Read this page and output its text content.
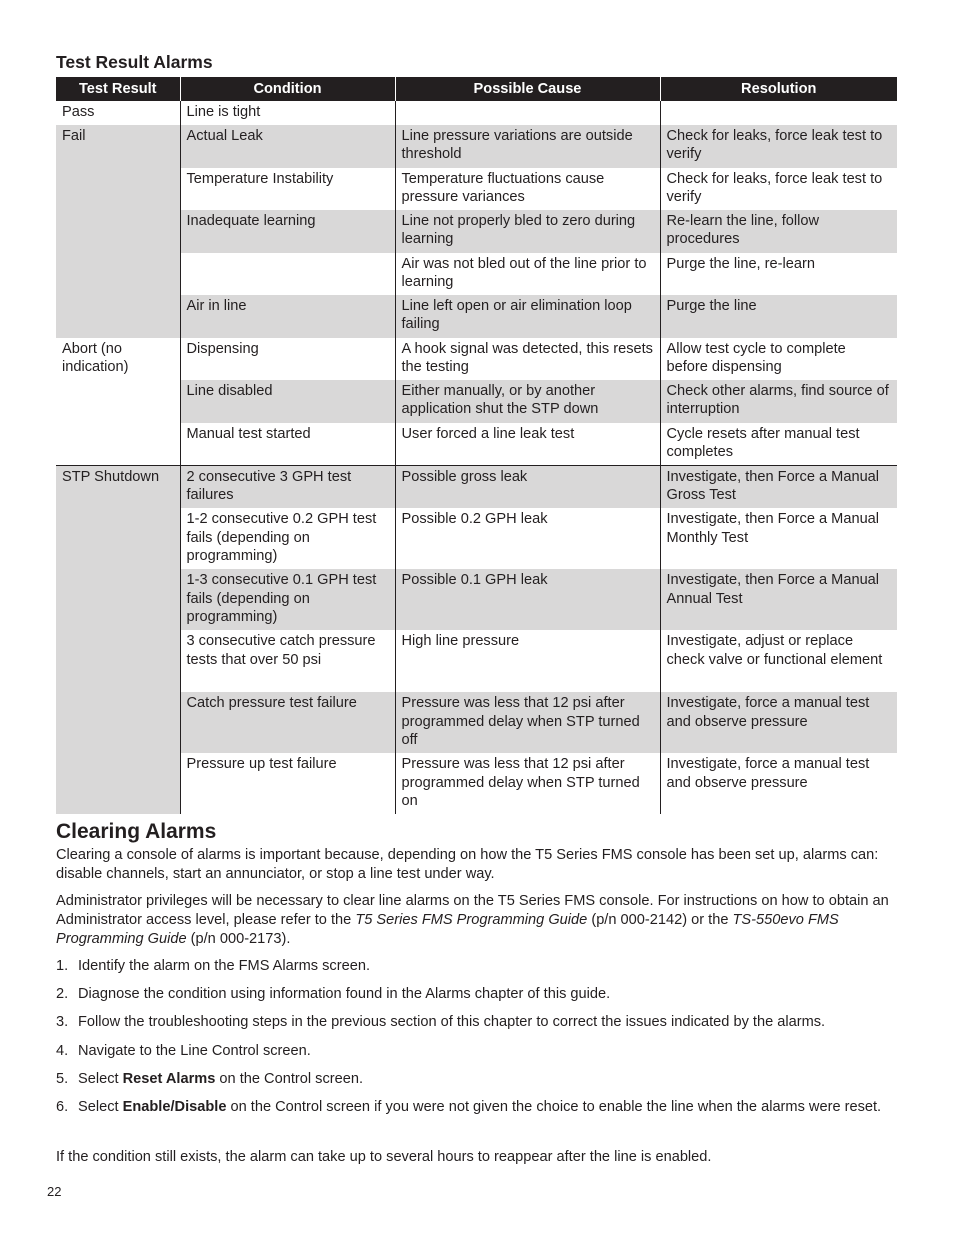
Test Result Alarms
Test Result	Condition	Possible Cause	Resolution
Pass	Line is tight		
Fail	Actual Leak	Line pressure variations are outside threshold	Check for leaks, force leak test to verify
	Temperature Instability	Temperature fluctuations cause pressure variances	Check for leaks, force leak test to verify
	Inadequate learning	Line not properly bled to zero during learning	Re-learn the line, follow procedures
		Air was not bled out of the line prior to learning	Purge the line, re-learn
	Air in line	Line left open or air elimination loop failing	Purge the line
Abort (no indication)	Dispensing	A hook signal was detected, this resets the testing	Allow test cycle to complete before dispensing
	Line disabled	Either manually, or by another application shut the STP down	Check other alarms, find source of interruption
	Manual test started	User forced a line leak test	Cycle resets after manual test completes
STP Shutdown	2 consecutive 3 GPH test failures	Possible gross leak	Investigate, then Force a Manual Gross Test
	1-2 consecutive 0.2 GPH test fails (depending on programming)	Possible 0.2 GPH leak	Investigate, then Force a Manual Monthly Test
	1-3 consecutive 0.1 GPH test fails (depending on programming)	Possible 0.1 GPH leak	Investigate, then Force a Manual Annual Test
	3 consecutive catch pressure tests that over 50 psi	High line pressure	Investigate, adjust or replace check valve or functional element
	Catch pressure test failure	Pressure was less that 12 psi after programmed delay when STP turned off	Investigate, force a manual test and observe pressure
	Pressure up test failure	Pressure was less that 12 psi after programmed delay when STP turned on	Investigate, force a manual test and observe pressure
Clearing Alarms

Clearing a console of alarms is important because, depending on how the T5 Series FMS console has been set up, alarms can: disable channels, start an annunciator, or stop a line test under way.

Administrator privileges will be necessary to clear line alarms on the T5 Series FMS console. For instructions on how to obtain an Administrator access level, please refer to the T5 Series FMS Programming Guide (p/n 000-2142) or the TS-550evo FMS Programming Guide (p/n 000-2173).

1. Identify the alarm on the FMS Alarms screen.
2. Diagnose the condition using information found in the Alarms chapter of this guide.
3. Follow the troubleshooting steps in the previous section of this chapter to correct the issues indicated by the alarms.
4. Navigate to the Line Control screen.
5. Select Reset Alarms on the Control screen.
6. Select Enable/Disable on the Control screen if you were not given the choice to enable the line when the alarms were reset.

If the condition still exists, the alarm can take up to several hours to reappear after the line is enabled.

22
